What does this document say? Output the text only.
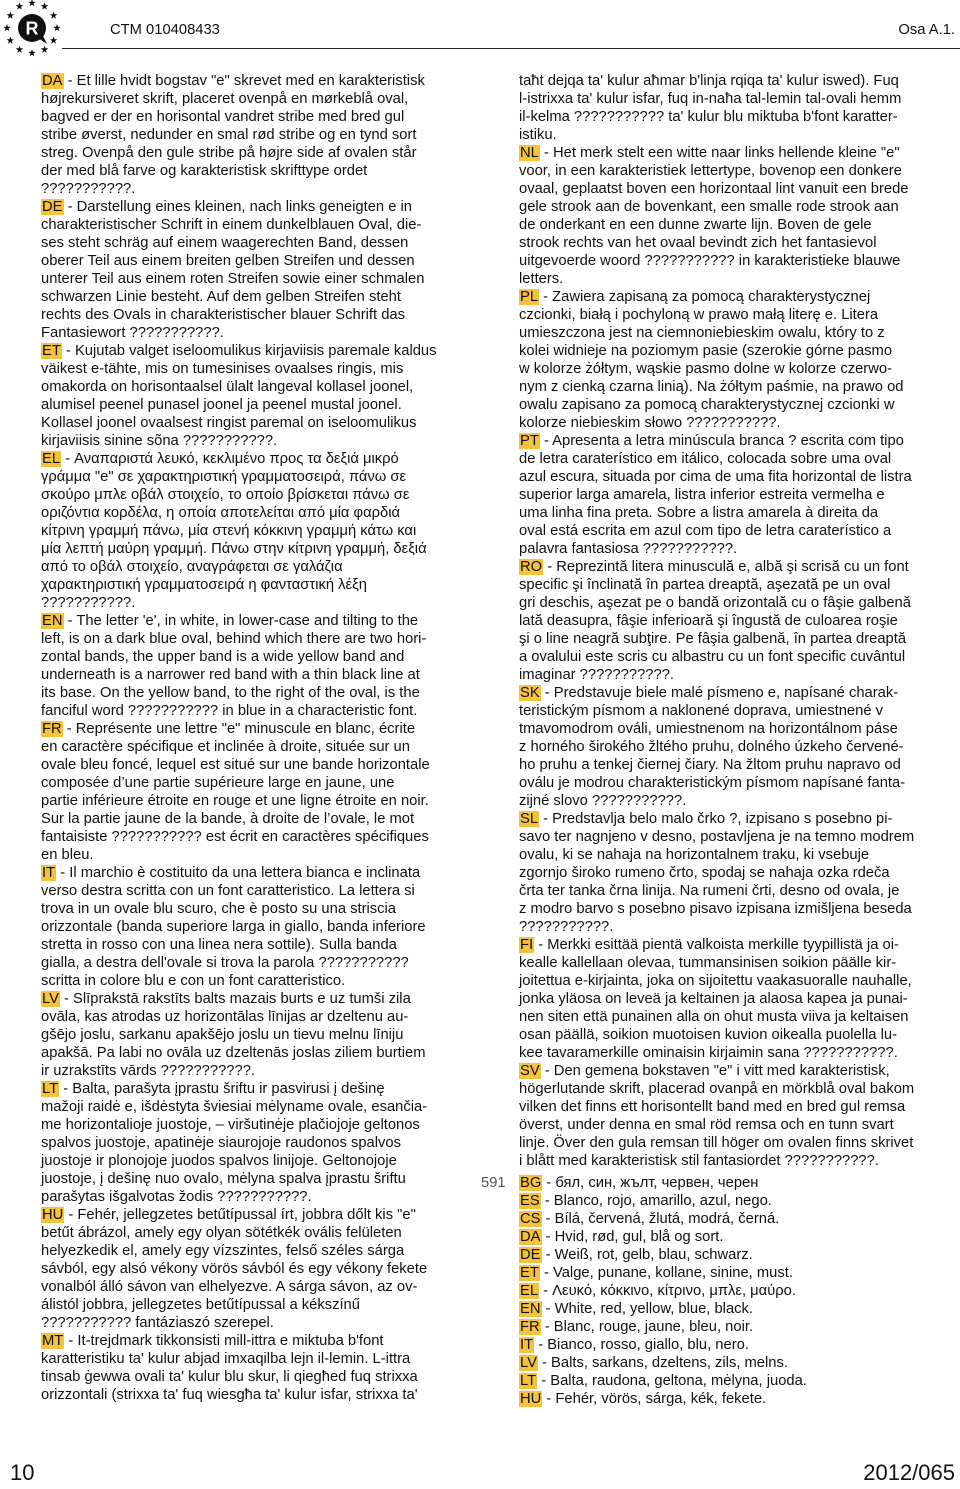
R	CTM 010408433	Osa A.1.

DA - Et lille hvidt bogstav "e" skrevet med en karakteristisk
højrekursiveret skrift, placeret ovenpå en mørkeblå oval,
bagved er der en horisontal vandret stribe med bred gul
stribe øverst, nedunder en smal rød stribe og en tynd sort
streg. Ovenpå den gule stribe på højre side af ovalen står
der med blå farve og karakteristisk skrifttype ordet
???????????.

DE - Darstellung eines kleinen, nach links geneigten e in
charakteristischer Schrift in einem dunkelblauen Oval, die-
ses steht schräg auf einem waagerechten Band, dessen
oberer Teil aus einem breiten gelben Streifen und dessen
unterer Teil aus einem roten Streifen sowie einer schmalen
schwarzen Linie besteht. Auf dem gelben Streifen steht
rechts des Ovals in charakteristischer blauer Schrift das
Fantasiewort ???????????.

ET - Kujutab valget iseloomulikus kirjaviisis paremale kaldus
väikest e-tähte, mis on tumesinises ovaalses ringis, mis
omakorda on horisontaalsel ülalt langeval kollasel joonel,
alumisel peenel punasel joonel ja peenel mustal joonel.
Kollasel joonel ovaalsest ringist paremal on iseloomulikus
kirjaviisis sinine sõna ???????????.

EL - Αναπαριστά λευκό, κεκλιμένο προς τα δεξιά μικρό
γράμμα "e" σε χαρακτηριστική γραμματοσειρά, πάνω σε
σκούρο μπλε οβάλ στοιχείο, το οποίο βρίσκεται πάνω σε
οριζόντια κορδέλα, η οποία αποτελείται από μία φαρδιά
κίτρινη γραμμή πάνω, μία στενή κόκκινη γραμμή κάτω και
μία λεπτή μαύρη γραμμή. Πάνω στην κίτρινη γραμμή, δεξιά
από το οβάλ στοιχείο, αναγράφεται σε γαλάζια
χαρακτηριστική γραμματοσειρά η φανταστική λέξη
???????????.

EN - The letter 'e', in white, in lower-case and tilting to the
left, is on a dark blue oval, behind which there are two hori-
zontal bands, the upper band is a wide yellow band and
underneath is a narrower red band with a thin black line at
its base. On the yellow band, to the right of the oval, is the
fanciful word ??????????? in blue in a characteristic font.

FR - Représente une lettre "e" minuscule en blanc, écrite
en caractère spécifique et inclinée à droite, située sur un
ovale bleu foncé, lequel est situé sur une bande horizontale
composée d’une partie supérieure large en jaune, une
partie inférieure étroite en rouge et une ligne étroite en noir.
Sur la partie jaune de la bande, à droite de l’ovale, le mot
fantaisiste ??????????? est écrit en caractères spécifiques
en bleu.

IT - Il marchio è costituito da una lettera bianca e inclinata
verso destra scritta con un font caratteristico. La lettera si
trova in un ovale blu scuro, che è posto su una striscia
orizzontale (banda superiore larga in giallo, banda inferiore
stretta in rosso con una linea nera sottile). Sulla banda
gialla, a destra dell'ovale si trova la parola ???????????
scritta in colore blu e con un font caratteristico.

LV - Slīprakstā rakstīts balts mazais burts e uz tumši zila
ovāla, kas atrodas uz horizontālas līnijas ar dzeltenu au-
gšējo joslu, sarkanu apakšējo joslu un tievu melnu līniju
apakšā. Pa labi no ovāla uz dzeltenās joslas ziliem burtiem
ir uzrakstīts vārds ???????????.

LT - Balta, parašyta įprastu šriftu ir pasvirusi į dešinę
mažoji raidė e, išdėstyta šviesiai mėlyname ovale, esančia-
me horizontalioje juostoje, – viršutinėje plačiojoje geltonos
spalvos juostoje, apatinėje siaurojoje raudonos spalvos
juostoje ir plonojoje juodos spalvos linijoje. Geltonojoje
juostoje, į dešinę nuo ovalo, mėlyna spalva įprastu šriftu
parašytas išgalvotas žodis ???????????.

HU - Fehér, jellegzetes betűtípussal írt, jobbra dőlt kis "e"
betűt ábrázol, amely egy olyan sötétkék ovális felületen
helyezkedik el, amely egy vízszintes, felső széles sárga
sávból, egy alsó vékony vörös sávból és egy vékony fekete
vonalból álló sávon van elhelyezve. A sárga sávon, az ov-
álistól jobbra, jellegzetes betűtípussal a kékszínű
??????????? fantáziaszó szerepel.

MT - It-trejdmark tikkonsisti mill-ittra e miktuba b'font
karatteristiku ta' kulur abjad imxaqilba lejn il-lemin. L-ittra
tinsab ġewwa ovali ta' kulur blu skur, li qiegħed fuq strixxa
orizzontali (strixxa ta' fuq wiesgħa ta' kulur isfar, strixxa ta'

taħt dejqa ta' kulur aħmar b'linja rqiqa ta' kulur iswed). Fuq
l-istrixxa ta' kulur isfar, fuq in-naħa tal-lemin tal-ovali hemm
il-kelma ??????????? ta' kulur blu miktuba b'font karatter-
istiku.

NL - Het merk stelt een witte naar links hellende kleine "e"
voor, in een karakteristiek lettertype, bovenop een donkere
ovaal, geplaatst boven een horizontaal lint vanuit een brede
gele strook aan de bovenkant, een smalle rode strook aan
de onderkant en een dunne zwarte lijn. Boven de gele
strook rechts van het ovaal bevindt zich het fantasievol
uitgevoerde woord ??????????? in karakteristieke blauwe
letters.

PL - Zawiera zapisaną za pomocą charakterystycznej
czcionki, białą i pochyloną w prawo małą literę e. Litera
umieszczona jest na ciemnoniebieskim owalu, który to z
kolei widnieje na poziomym pasie (szerokie górne pasmo
w kolorze żółtym, wąskie pasmo dolne w kolorze czerwo-
nym z cienką czarna linią). Na żółtym paśmie, na prawo od
owalu zapisano za pomocą charakterystycznej czcionki w
kolorze niebieskim słowo ???????????.

PT - Apresenta a letra minúscula branca ? escrita com tipo
de letra caraterístico em itálico, colocada sobre uma oval
azul escura, situada por cima de uma fita horizontal de listra
superior larga amarela, listra inferior estreita vermelha e
uma linha fina preta. Sobre a listra amarela à direita da
oval está escrita em azul com tipo de letra caraterístico a
palavra fantasiosa ???????????.

RO - Reprezintă litera minusculă e, albă şi scrisă cu un font
specific şi înclinată în partea dreaptă, aşezată pe un oval
gri deschis, aşezat pe o bandă orizontală cu o fâşie galbenă
lată deasupra, fâşie inferioară şi îngustă de culoarea roşie
şi o line neagră subţire. Pe fâşia galbenă, în partea dreaptă
a ovalului este scris cu albastru cu un font specific cuvântul
imaginar ???????????.

SK - Predstavuje biele malé písmeno e, napísané charak-
teristickým písmom a naklonené doprava, umiestnené v
tmavomodrom ováli, umiestnenom na horizontálnom páse
z horného širokého žltého pruhu, dolného úzkeho červené-
ho pruhu a tenkej čiernej čiary. Na žltom pruhu napravo od
oválu je modrou charakteristickým písmom napísané fanta-
zijné slovo ???????????.

SL - Predstavlja belo malo črko ?, izpisano s posebno pi-
savo ter nagnjeno v desno, postavljena je na temno modrem
ovalu, ki se nahaja na horizontalnem traku, ki vsebuje
zgornjo široko rumeno črto, spodaj se nahaja ozka rdeča
črta ter tanka črna linija. Na rumeni črti, desno od ovala, je
z modro barvo s posebno pisavo izpisana izmišljena beseda
???????????.

FI - Merkki esittää pientä valkoista merkille tyypillistä ja oi-
kealle kallellaan olevaa, tummansinisen soikion päälle kir-
joitettua e-kirjainta, joka on sijoitettu vaakasuoralle nauhalle,
jonka yläosa on leveä ja keltainen ja alaosa kapea ja punai-
nen siten että punainen alla on ohut musta viiva ja keltaisen
osan päällä, soikion muotoisen kuvion oikealla puolella lu-
kee tavaramerkille ominaisin kirjaimin sana ???????????.

SV - Den gemena bokstaven "e" i vitt med karakteristisk,
högerlutande skrift, placerad ovanpå en mörkblå oval bakom
vilken det finns ett horisontellt band med en bred gul remsa
överst, under denna en smal röd remsa och en tunn svart
linje. Över den gula remsan till höger om ovalen finns skrivet
i blått med karakteristisk stil fantasiordet ???????????.

BG - бял, син, жълт, червен, черен

ES - Blanco, rojo, amarillo, azul, nego.

CS - Bílá, červená, žlutá, modrá, černá.

DA - Hvid, rød, gul, blå og sort.

DE - Weiß, rot, gelb, blau, schwarz.

ET - Valge, punane, kollane, sinine, must.

EL - Λευκό, κόκκινο, κίτρινο, μπλε, μαύρο.

EN - White, red, yellow, blue, black.

FR - Blanc, rouge, jaune, bleu, noir.

IT - Bianco, rosso, giallo, blu, nero.

LV - Balts, sarkans, dzeltens, zils, melns.

LT - Balta, raudona, geltona, mėlyna, juoda.

HU - Fehér, vörös, sárga, kék, fekete.

591
10	2012/065
